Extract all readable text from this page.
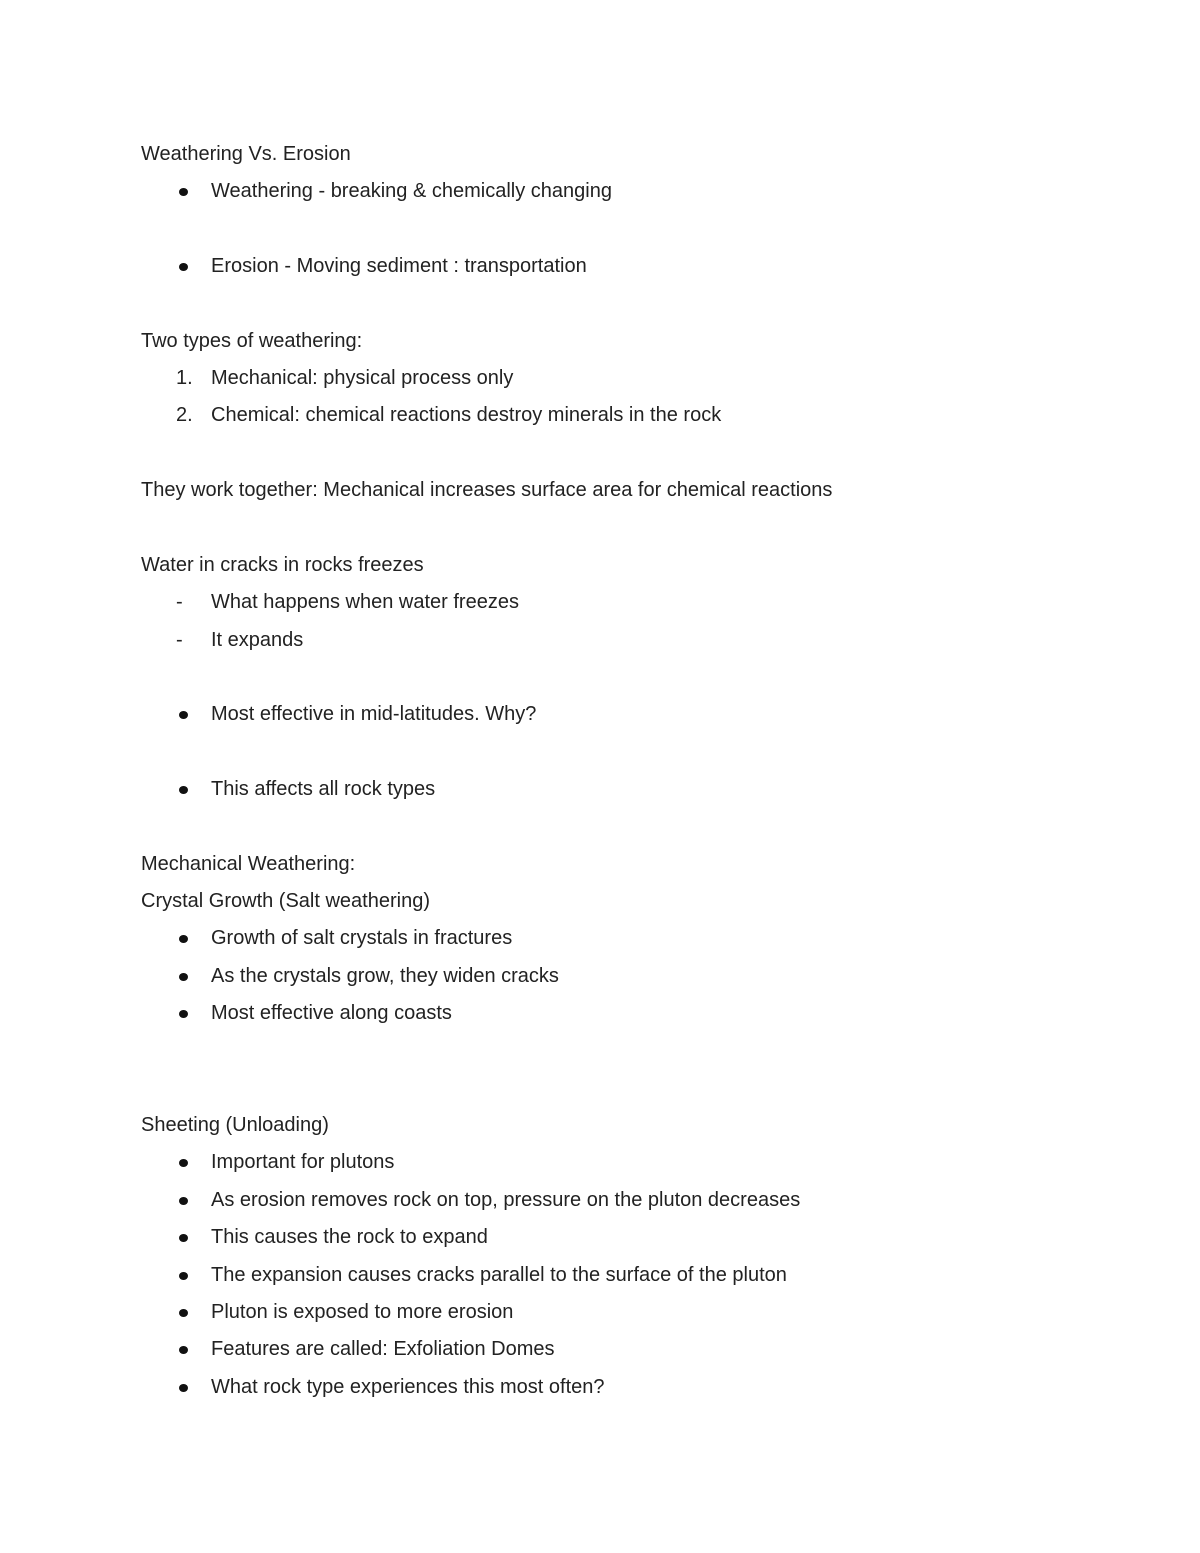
Weathering Vs. Erosion
Weathering - breaking & chemically changing
Erosion - Moving sediment : transportation
Two types of weathering:
Mechanical: physical process only
1.
Chemical: chemical reactions destroy minerals in the rock
2.
They work together: Mechanical increases surface area for chemical reactions
Water in cracks in rocks freezes
What happens when water freezes
-
It expands
-
Most effective in mid-latitudes. Why?
This affects all rock types
Mechanical Weathering:
Crystal Growth (Salt weathering)
Growth of salt crystals in fractures
As the crystals grow, they widen cracks
Most effective along coasts
Sheeting (Unloading)
Important for plutons
As erosion removes rock on top, pressure on the pluton decreases
This causes the rock to expand
The expansion causes cracks parallel to the surface of the pluton
Pluton is exposed to more erosion
Features are called: Exfoliation Domes
What rock type experiences this most often?
